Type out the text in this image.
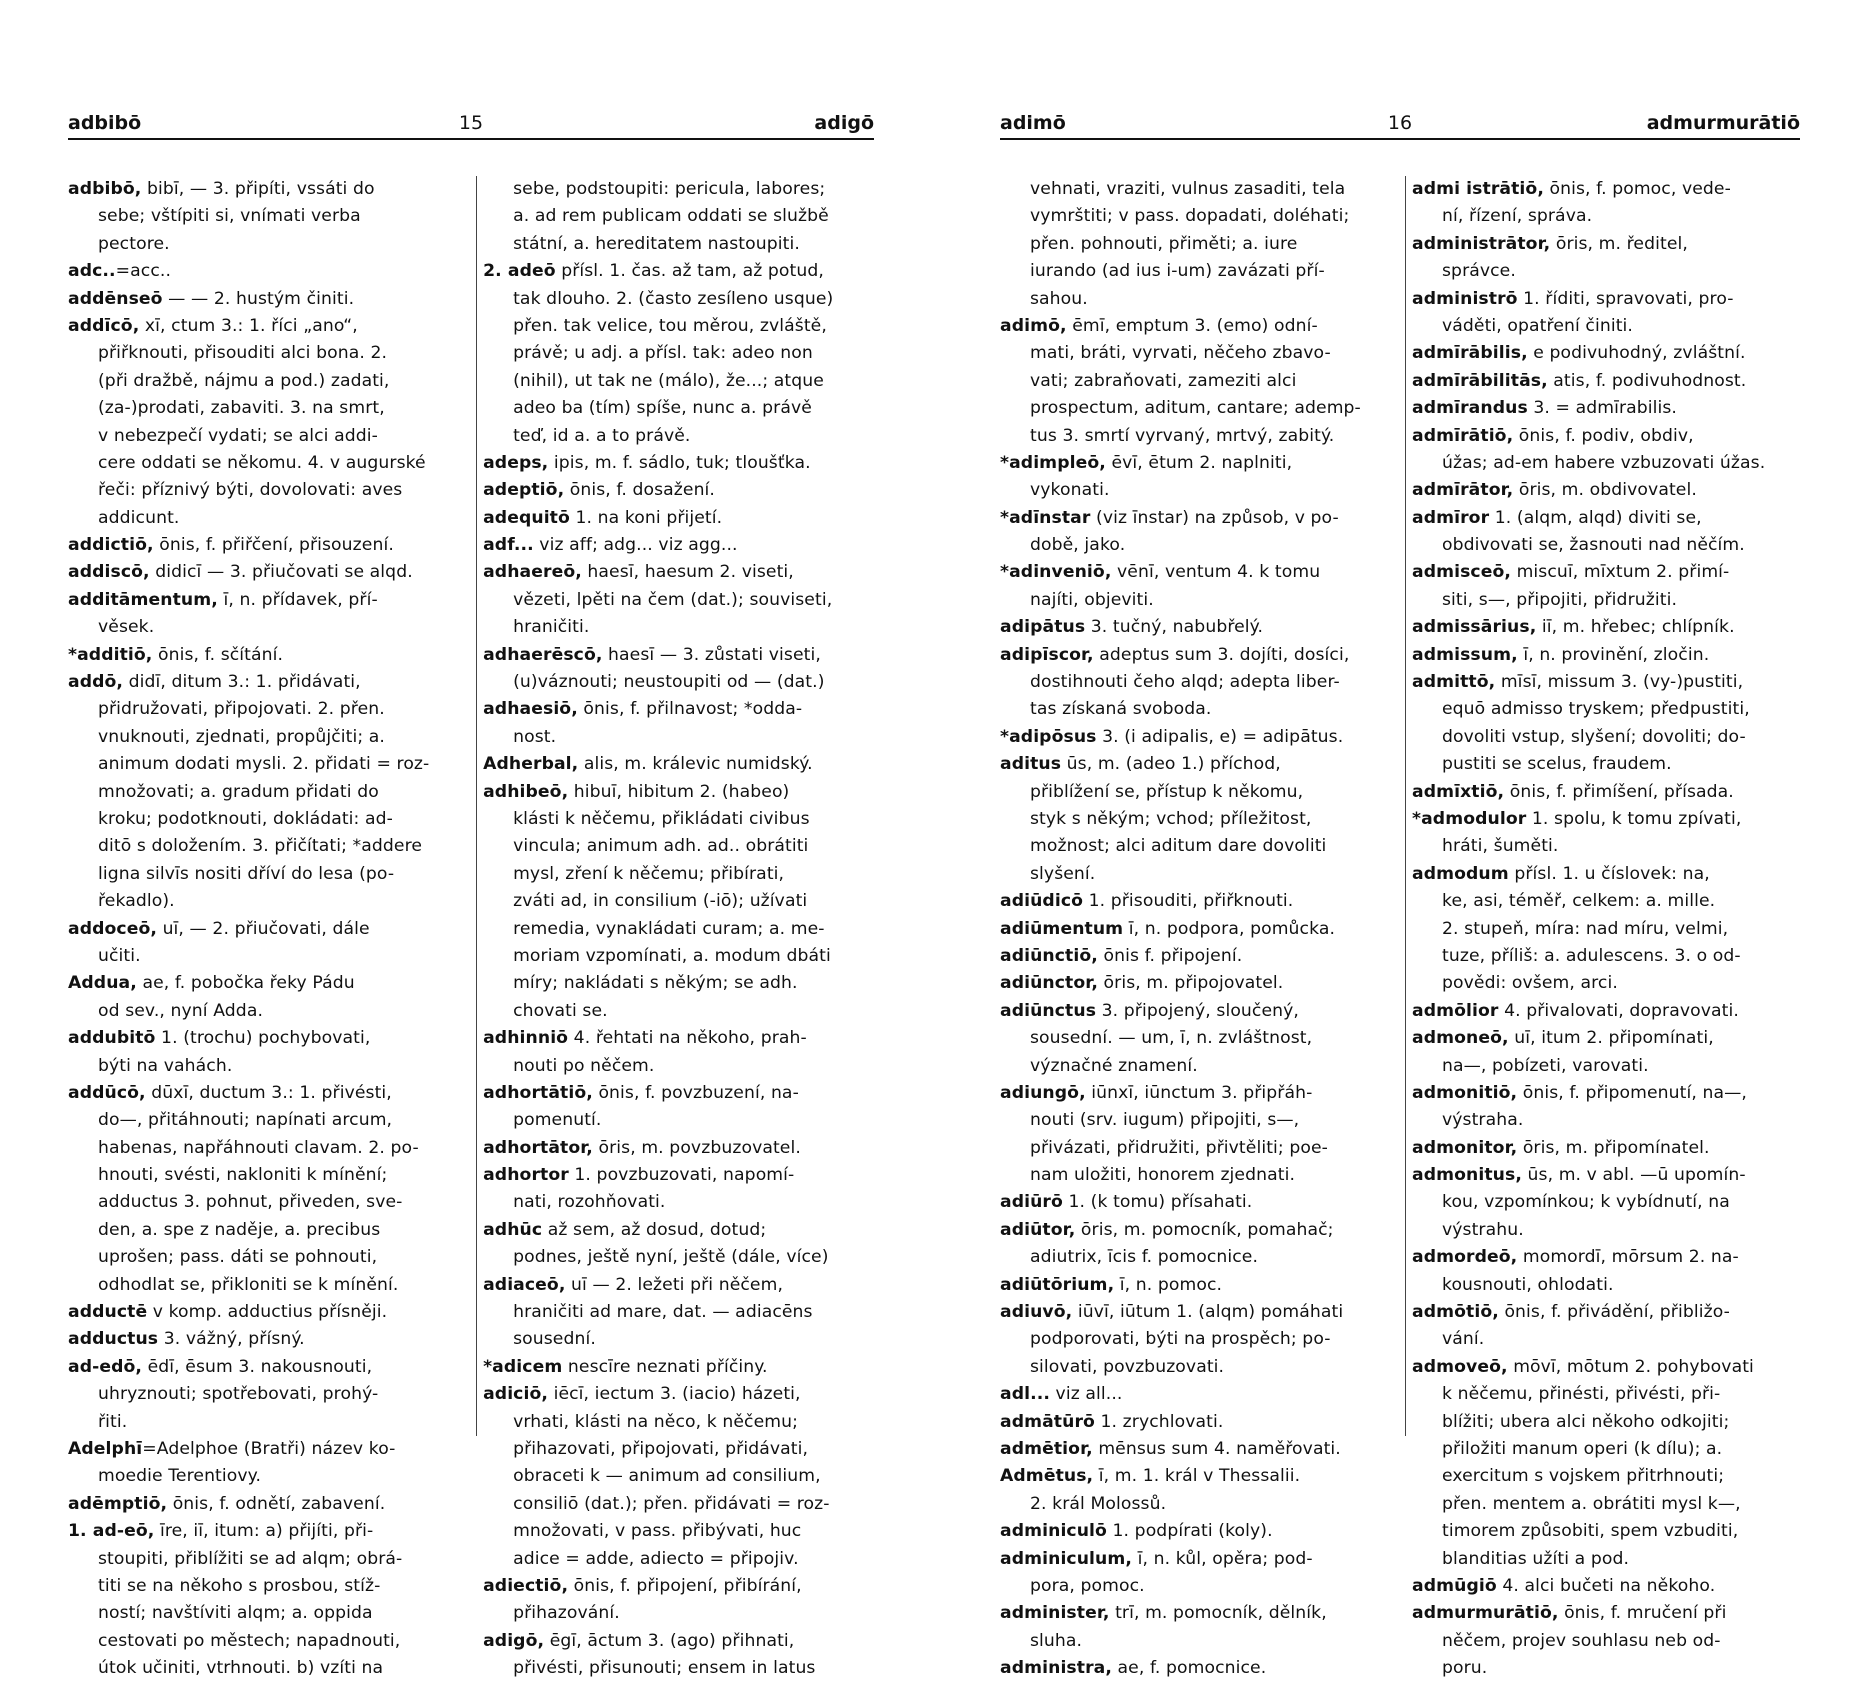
adbibō	15	adigō
adbibō, bibī, — 3. připíti, vssáti do
sebe; vštípiti si, vnímati verba
pectore.
adc..=acc..
addēnseō — — 2. hustým činiti.
addīcō, xī, ctum 3.: 1. říci „ano“,
přiřknouti, přisouditi alci bona. 2.
(při dražbě, nájmu a pod.) zadati,
(za-)prodati, zabaviti. 3. na smrt,
v nebezpečí vydati; se alci addi-
cere oddati se někomu. 4. v augurské
řeči: příznivý býti, dovolovati: aves
addicunt.
addictiō, ōnis, f. přiřčení, přisouzení.
addiscō, didicī — 3. přiučovati se alqd.
additāmentum, ī, n. přídavek, pří-
věsek.
*additiō, ōnis, f. sčítání.
addō, didī, ditum 3.: 1. přidávati,
přidružovati, připojovati. 2. přen.
vnuknouti, zjednati, propůjčiti; a.
animum dodati mysli. 2. přidati = roz-
množovati; a. gradum přidati do
kroku; podotknouti, dokládati: ad-
ditō s doložením. 3. přičítati; *addere
ligna silvīs nositi dříví do lesa (po-
řekadlo).
addoceō, uī, — 2. přiučovati, dále
učiti.
Addua, ae, f. pobočka řeky Pádu
od sev., nyní Adda.
addubitō 1. (trochu) pochybovati,
býti na vahách.
addūcō, dūxī, ductum 3.: 1. přivésti,
do—, přitáhnouti; napínati arcum,
habenas, napřáhnouti clavam. 2. po-
hnouti, svésti, nakloniti k mínění;
adductus 3. pohnut, přiveden, sve-
den, a. spe z naděje, a. precibus
uprošen; pass. dáti se pohnouti,
odhodlat se, přikloniti se k mínění.
adductē v komp. adductius přísněji.
adductus 3. vážný, přísný.
ad-edō, ēdī, ēsum 3. nakousnouti,
uhryznouti; spotřebovati, prohý-
řiti.
Adelphī=Adelphoe (Bratři) název ko-
moedie Terentiovy.
adēmptiō, ōnis, f. odnětí, zabavení.
1. ad-eō, īre, iī, itum: a) přijíti, při-
stoupiti, přiblížiti se ad alqm; obrá-
titi se na někoho s prosbou, stíž-
ností; navštíviti alqm; a. oppida
cestovati po městech; napadnouti,
útok učiniti, vtrhnouti. b) vzíti na
sebe, podstoupiti: pericula, labores;
a. ad rem publicam oddati se službě
státní, a. hereditatem nastoupiti.
2. adeō přísl. 1. čas. až tam, až potud,
tak dlouho. 2. (často zesíleno usque)
přen. tak velice, tou měrou, zvláště,
právě; u adj. a přísl. tak: adeo non
(nihil), ut tak ne (málo), že...; atque
adeo ba (tím) spíše, nunc a. právě
teď, id a. a to právě.
adeps, ipis, m. f. sádlo, tuk; tloušťka.
adeptiō, ōnis, f. dosažení.
adequitō 1. na koni přijetí.
adf... viz aff; adg... viz agg...
adhaereō, haesī, haesum 2. viseti,
vězeti, lpěti na čem (dat.); souviseti,
hraničiti.
adhaerēscō, haesī — 3. zůstati viseti,
(u)váznouti; neustoupiti od — (dat.)
adhaesiō, ōnis, f. přilnavost; *odda-
nost.
Adherbal, alis, m. králevic numidský.
adhibeō, hibuī, hibitum 2. (habeo)
klásti k něčemu, přikládati civibus
vincula; animum adh. ad.. obrátiti
mysl, zření k něčemu; přibírati,
zváti ad, in consilium (-iō); užívati
remedia, vynakládati curam; a. me-
moriam vzpomínati, a. modum dbáti
míry; nakládati s někým; se adh.
chovati se.
adhinniō 4. řehtati na někoho, prah-
nouti po něčem.
adhortātiō, ōnis, f. povzbuzení, na-
pomenutí.
adhortātor, ōris, m. povzbuzovatel.
adhortor 1. povzbuzovati, napomí-
nati, rozohňovati.
adhūc až sem, až dosud, dotud;
podnes, ještě nyní, ještě (dále, více)
adiaceō, uī — 2. ležeti při něčem,
hraničiti ad mare, dat. — adiacēns
sousední.
*adicem nescīre neznati příčiny.
adiciō, iēcī, iectum 3. (iacio) házeti,
vrhati, klásti na něco, k něčemu;
přihazovati, připojovati, přidávati,
obraceti k — animum ad consilium,
consiliō (dat.); přen. přidávati = roz-
množovati, v pass. přibývati, huc
adice = adde, adiecto = připojiv.
adiectiō, ōnis, f. připojení, přibírání,
přihazování.
adigō, ēgī, āctum 3. (ago) přihnati,
přivésti, přisunouti; ensem in latus
adimō	16	admurmurātiō
vehnati, vraziti, vulnus zasaditi, tela
vymrštiti; v pass. dopadati, doléhati;
přen. pohnouti, přiměti; a. iure
iurando (ad ius i-um) zavázati pří-
sahou.
adimō, ēmī, emptum 3. (emo) odní-
mati, bráti, vyrvati, něčeho zbavo-
vati; zabraňovati, zameziti alci
prospectum, aditum, cantare; ademp-
tus 3. smrtí vyrvaný, mrtvý, zabitý.
*adimpleō, ēvī, ētum 2. naplniti,
vykonati.
*adīnstar (viz īnstar) na způsob, v po-
době, jako.
*adinveniō, vēnī, ventum 4. k tomu
najíti, objeviti.
adipātus 3. tučný, nabubřelý.
adipīscor, adeptus sum 3. dojíti, dosíci,
dostihnouti čeho alqd; adepta liber-
tas získaná svoboda.
*adipōsus 3. (i adipalis, e) = adipātus.
aditus ūs, m. (adeo 1.) příchod,
přiblížení se, přístup k někomu,
styk s někým; vchod; příležitost,
možnost; alci aditum dare dovoliti
slyšení.
adiūdicō 1. přisouditi, přiřknouti.
adiūmentum ī, n. podpora, pomůcka.
adiūnctiō, ōnis f. připojení.
adiūnctor, ōris, m. připojovatel.
adiūnctus 3. připojený, sloučený,
sousední. — um, ī, n. zvláštnost,
význačné znamení.
adiungō, iūnxī, iūnctum 3. připřáh-
nouti (srv. iugum) připojiti, s—,
přivázati, přidružiti, přivtěliti; poe-
nam uložiti, honorem zjednati.
adiūrō 1. (k tomu) přísahati.
adiūtor, ōris, m. pomocník, pomahač;
adiutrix, īcis f. pomocnice.
adiūtōrium, ī, n. pomoc.
adiuvō, iūvī, iūtum 1. (alqm) pomáhati
podporovati, býti na prospěch; po-
silovati, povzbuzovati.
adl... viz all...
admātūrō 1. zrychlovati.
admētior, mēnsus sum 4. naměřovati.
Admētus, ī, m. 1. král v Thessalii.
2. král Molossů.
adminiculō 1. podpírati (koly).
adminiculum, ī, n. kůl, opěra; pod-
pora, pomoc.
administer, trī, m. pomocník, dělník,
sluha.
administra, ae, f. pomocnice.
admi istrātiō, ōnis, f. pomoc, vede-
ní, řízení, správa.
administrātor, ōris, m. ředitel,
správce.
administrō 1. říditi, spravovati, pro-
váděti, opatření činiti.
admīrābilis, e podivuhodný, zvláštní.
admīrābilitās, atis, f. podivuhodnost.
admīrandus 3. = admīrabilis.
admīrātiō, ōnis, f. podiv, obdiv,
úžas; ad-em habere vzbuzovati úžas.
admīrātor, ōris, m. obdivovatel.
admīror 1. (alqm, alqd) diviti se,
obdivovati se, žasnouti nad něčím.
admisceō, miscuī, mīxtum 2. přimí-
siti, s—, připojiti, přidružiti.
admissārius, iī, m. hřebec; chlípník.
admissum, ī, n. provinění, zločin.
admittō, mīsī, missum 3. (vy-)pustiti,
equō admisso tryskem; předpustiti,
dovoliti vstup, slyšení; dovoliti; do-
pustiti se scelus, fraudem.
admīxtiō, ōnis, f. přimíšení, přísada.
*admodulor 1. spolu, k tomu zpívati,
hráti, šuměti.
admodum přísl. 1. u číslovek: na,
ke, asi, téměř, celkem: a. mille.
2. stupeň, míra: nad míru, velmi,
tuze, příliš: a. adulescens. 3. o od-
povědi: ovšem, arci.
admōlior 4. přivalovati, dopravovati.
admoneō, uī, itum 2. připomínati,
na—, pobízeti, varovati.
admonitiō, ōnis, f. připomenutí, na—,
výstraha.
admonitor, ōris, m. připomínatel.
admonitus, ūs, m. v abl. —ū upomín-
kou, vzpomínkou; k vybídnutí, na
výstrahu.
admordeō, momordī, mōrsum 2. na-
kousnouti, ohlodati.
admōtiō, ōnis, f. přivádění, přibližo-
vání.
admoveō, mōvī, mōtum 2. pohybovati
k něčemu, přinésti, přivésti, při-
blížiti; ubera alci někoho odkojiti;
přiložiti manum operi (k dílu); a.
exercitum s vojskem přitrhnouti;
přen. mentem a. obrátiti mysl k—,
timorem způsobiti, spem vzbuditi,
blanditias užíti a pod.
admūgiō 4. alci bučeti na někoho.
admurmurātiō, ōnis, f. mručení při
něčem, projev souhlasu neb od-
poru.
